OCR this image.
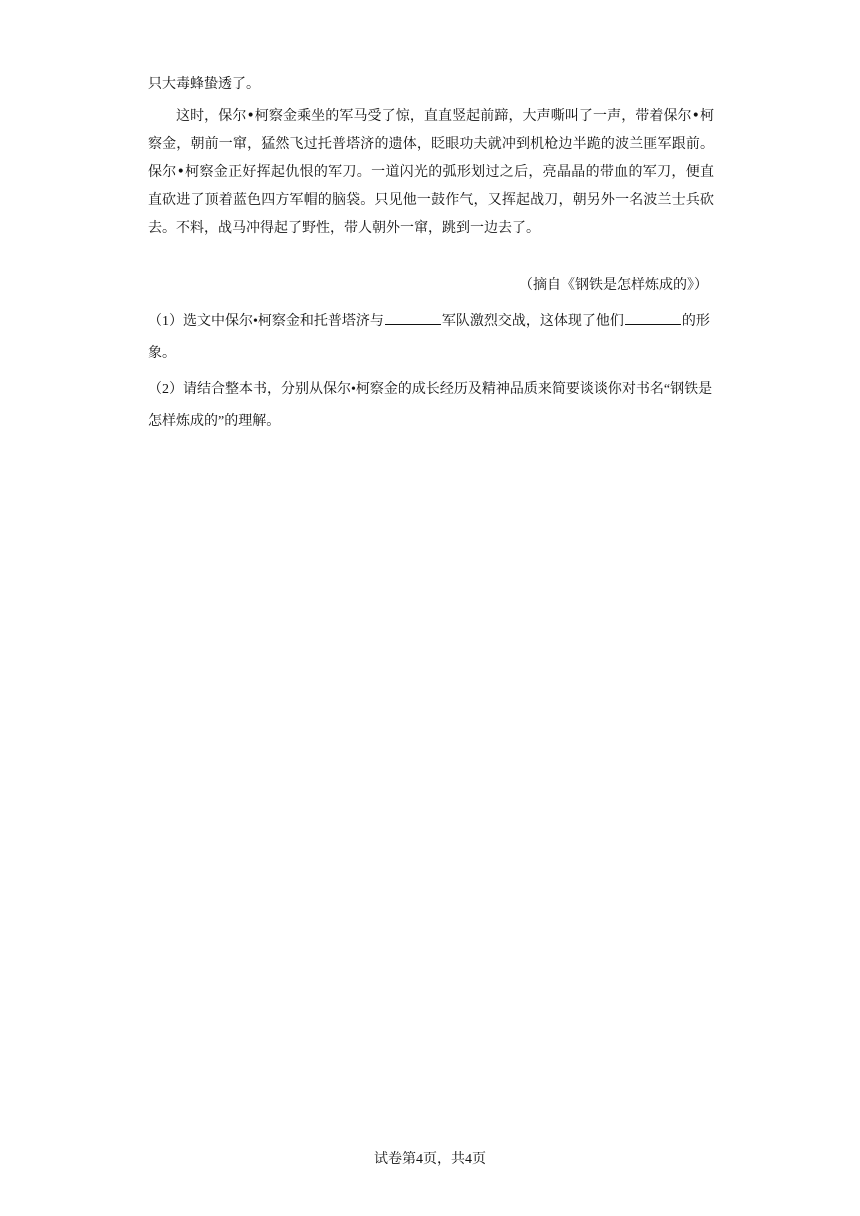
只大毒蜂蛰透了。
这时，保尔•柯察金乘坐的军马受了惊，直直竖起前蹄，大声嘶叫了一声，带着保尔•柯察金，朝前一窜，猛然飞过托普塔济的遗体，眨眼功夫就冲到机枪边半跪的波兰匪军跟前。保尔•柯察金正好挥起仇恨的军刀。一道闪光的弧形划过之后，亮晶晶的带血的军刀，便直直砍进了顶着蓝色四方军帽的脑袋。只见他一鼓作气，又挥起战刀，朝另外一名波兰士兵砍去。不料，战马冲得起了野性，带人朝外一窜，跳到一边去了。
（摘自《钢铁是怎样炼成的》）
（1）选文中保尔•柯察金和托普塔济与	军队激烈交战，这体现了他们	的形象。
（2）请结合整本书，分别从保尔•柯察金的成长经历及精神品质来简要谈谈你对书名“钢铁是怎样炼成的”的理解。
试卷第4页，共4页
